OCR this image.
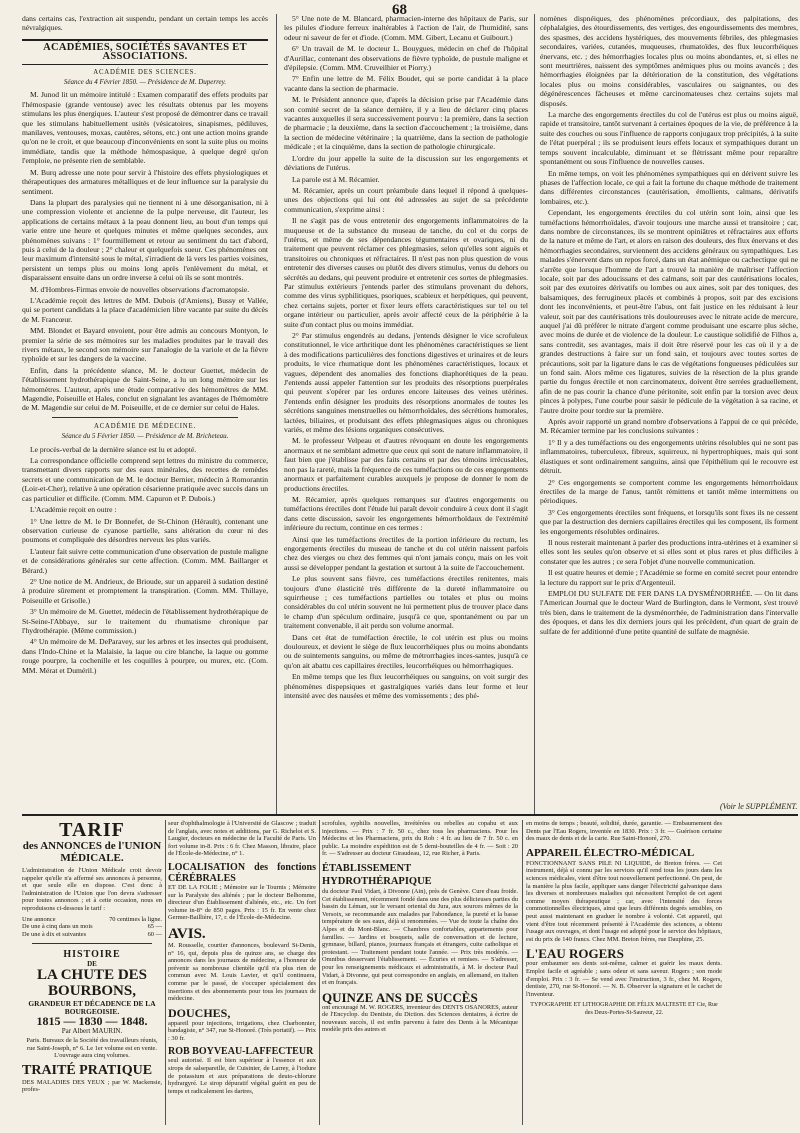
68

dans certains cas, l'extraction ait suspendu, pendant un certain temps les accès névralgiques.

ACADÉMIES, SOCIÉTÉS SAVANTES ET ASSOCIATIONS.
ACADÉMIE DES SCIENCES.
Séance du 4 Février 1850. — Présidence de M. Duperrey.

M. Junod lit un mémoire intitulé : Examen comparatif des effets produits par l'hémospasie (grande ventouse) avec les résultats obtenus par les moyens stimulans les plus énergiques. L'auteur s'est proposé de démontrer dans ce travail que les stimulans habituellement usités (vésicatoires, sinapismes, pédiluves, manilaves, ventouses, moxas, cautères, sétons, etc.) ont une action moins grande qu'on ne le croit, et que beaucoup d'inconvénients en sont la suite plus ou moins immédiate, tandis que la méthode hémospasique, à quelque degré qu'on l'emploie, ne présente rien de semblable.

M. Burq adresse une note pour servir à l'histoire des effets physiologiques et thérapeutiques des armatures métalliques et de leur influence sur la paralysie du sentiment.

Dans la plupart des paralysies qui ne tiennent ni à une désorganisation, ni à une compression violente et ancienne de la pulpe nerveuse, dit l'auteur, les applications de certains métaux à la peau donnent lieu, au bout d'un temps qui varie entre une heure et quelques minutes et même quelques secondes, aux phénomènes suivans : 1° fourmillement et retour au sentiment du tact d'abord, puis à celui de la douleur ; 2° chaleur et quelquefois sueur. Ces phénomènes ont leur maximum d'intensité sous le métal, s'irradient de là vers les parties voisines, persistent un temps plus ou moins long après l'enlèvement du métal, et disparaissent ensuite dans un ordre inverse à celui où ils se sont montrés.

M. d'Hombres-Firmas envoie de nouvelles observations d'acromatopsie.

L'Académie reçoit des lettres de MM. Dubois (d'Amiens), Bussy et Vallée, qui se portent candidats à la place d'académicien libre vacante par suite du décès de M. Francœur.

MM. Blondet et Bayard envoient, pour être admis au concours Montyon, le premier la série de ses mémoires sur les maladies produites par le travail des rivers métaux, le second son mémoire sur l'analogie de la variole et de la fièvre typhoïde et sur les dangers de la vaccine.

Enfin, dans la précédente séance, M. le docteur Guettet, médecin de l'établissement hydrothérapique de Saint-Seine, a lu un long mémoire sur les hémomètres. L'auteur, après une étude comparative des hémomètres de MM. Magendie, Poiseuille et Hales, conclut en signalant les avantages de l'hémomètre de M. Magendie sur celui de M. Poiseuille, et de ce dernier sur celui de Hales.

ACADÉMIE DE MÉDECINE.
Séance du 5 Février 1850. — Présidence de M. Bricheteau.

Le procès-verbal de la dernière séance est lu et adopté.

La correspondance officielle comprend sept lettres du ministre du commerce, transmettant divers rapports sur des eaux minérales, des recettes de remèdes secrets et une communication de M. le docteur Bernier, médecin à Romorantin (Loir-et-Cher), relative à une opération césarienne pratiquée avec succès dans un cas particulier et difficile. (Comm. MM. Capuron et P. Dubois.)

L'Académie reçoit en outre :

1° Une lettre de M. le Dr Bonnefet, de St-Chinon (Hérault), contenant une observation curieuse de cyanose partielle, sans altération du cœur ni des poumons et compliquée des désordres nerveux les plus variés.

L'auteur fait suivre cette communication d'une observation de pustule maligne et de considérations générales sur cette affection. (Comm. MM. Baillarger et Bérard.)

2° Une notice de M. Andrieux, de Brioude, sur un appareil à sudation destiné à produire sûrement et promptement la transpiration. (Comm. MM. Thillaye, Poiseuille et Grisolle.)

3° Un mémoire de M. Guettet, médecin de l'établissement hydrothérapique de St-Seine-l'Abbaye, sur le traitement du rhumatisme chronique par l'hydrothérapie. (Même commission.)

4° Un mémoire de M. DeParavey, sur les arbres et les insectes qui produisent, dans l'Indo-Chine et la Malaisie, la laque ou cire blanche, la laque ou gomme rouge pourpre, la cochenille et les coquilles à pourpre, ou murex, etc. (Com. MM. Mérat et Duméril.)

5° Une note de M. Blancard, pharmacien-interne des hôpitaux de Paris, sur les pilules d'iodure ferreux inaltérables à l'action de l'air, de l'humidité, sans odeur ni saveur de fer et d'iode. (Comm. MM. Gibert, Lecanu et Guibourt.)

6° Un travail de M. le docteur L. Bouygues, médecin en chef de l'hôpital d'Aurillac, contenant des observations de fièvre typhoïde, de pustule maligne et d'épilepsie. (Comm. MM. Cruveilhier et Piorry.)

7° Enfin une lettre de M. Félix Boudet, qui se porte candidat à la place vacante dans la section de pharmacie.

M. le Président annonce que, d'après la décision prise par l'Académie dans son comité secret de la séance dernière, il y a lieu de déclarer cinq places vacantes auxquelles il sera successivement pourvu : la première, dans la section de pharmacie ; la deuxième, dans la section d'accouchement ; la troisième, dans la section de médecine vétérinaire ; la quatrième, dans la section de pathologie médicale ; et la cinquième, dans la section de pathologie chirurgicale.

L'ordre du jour appelle la suite de la discussion sur les engorgements et déviations de l'utérus.

La parole est à M. Récamier.

M. Récamier, après un court préambule dans lequel il répond à quelques-unes des objections qui lui ont été adressées au sujet de sa précédente communication, s'exprime ainsi :

Il ne s'agit pas de vous entretenir des engorgements inflammatoires de la muqueuse et de la substance du museau de tanche, du col et du corps de l'utérus, et même de ses dépendances tégumentaires et ovariques, ni du traitement que peuvent réclamer ces phlegmasies, selon qu'elles sont aiguës et transitoires ou chroniques et réfractaires. Il n'est pas non plus question de vous entretenir des diverses causes ou plutôt des divers stimulus, venus du dehors ou sécrétés au dedans, qui peuvent produire et entretenir ces sortes de phlegmasies. Par stimulus extérieurs j'entends parler des stimulans provenant du dehors, comme des virus syphilitiques, psoriques, scabieux et herpétiques, qui peuvent, chez certains sujets, porter et fixer leurs effets caractéristiques sur tel ou tel organe intérieur ou particulier, après avoir affecté ceux de la périphérie à la suite d'un contact plus ou moins immédiat.

2° Par stimulus engendrés au dedans, j'entends désigner le vice scrofuleux constitutionnel, le vice arthritique dont les phénomènes caractéristiques se lient à des modifications particulières des fonctions digestives et urinaires et de leurs produits, le vice rhumatique dont les phénomènes caractéristiques, locaux et vagues, dépendent des anomalies des fonctions diaphorétiques de la peau. J'entends aussi appeler l'attention sur les produits des résorptions puerpérales qui peuvent s'opérer par les ordures encore laiteuses des veines utérines. J'entends enfin désigner les produits des résorptions anormales de toutes les sécrétions sanguines menstruelles ou hémorrhoïdales, des sécrétions humorales, lactées, biliaires, et produisant des effets phlegmasiques aigus ou chroniques variés, et même des lésions organiques consécutives.

M. le professeur Velpeau et d'autres révoquant en doute les engorgements anormaux et ne semblant admettre que ceux qui sont de nature inflammatoire, il faut bien que j'établisse par des faits certains et par des témoins irrécusables, non pas la rareté, mais la fréquence de ces tuméfactions ou de ces engorgements anormaux et parfaitement curables auxquels je propose de donner le nom de productions érectiles.

M. Récamier, après quelques remarques sur d'autres engorgements ou tuméfactions érectiles dont l'étude lui paraît devoir conduire à ceux dont il s'agit dans cette discussion, savoir les engorgements hémorrhoïdaux de l'extrémité inférieure du rectum, continue en ces termes :

Ainsi que les tuméfactions érectiles de la portion inférieure du rectum, les engorgements érectiles du museau de tanche et du col utérin naissent parfois chez des vierges ou chez des femmes qui n'ont jamais conçu, mais on les voit aussi se développer pendant la gestation et surtout à la suite de l'accouchement.

Le plus souvent sans fièvre, ces tuméfactions érectiles renitentes, mais toujours d'une élasticité très différente de la dureté inflammatoire ou squirrheuse ; ces tuméfactions partielles ou totales et plus ou moins considérables du col utérin souvent ne lui permettent plus de trouver place dans le champ d'un spéculum ordinaire, jusqu'à ce que, spontanément ou par un traitement convenable, il ait perdu son volume anormal.

Dans cet état de tuméfaction érectile, le col utérin est plus ou moins douloureux, et devient le siège de flux leucorrhéiques plus ou moins abondants ou de suintements sanguins, ou même de métrorrhagies inces-santes, jusqu'à ce qu'on ait abattu ces capillaires érectiles, leucorrhéiques ou hémorrhagiques.

En même temps que les flux leucorrhéiques ou sanguins, on voit surgir des phénomènes dispepsiques et gastralgiques variés dans leur forme et leur intensité avec des nausées et même des vomissements ; des phé-

nomènes dispnéiques, des phénomènes précordiaux, des palpitations, des céphalalgies, des étourdissements, des vertiges, des engourdissements des membres, des spasmes, des accidens hystériques, des mouvements fébriles, des phlegmasies secondaires, variées, cutanées, muqueuses, rhumatoïdes, des flux leucorrhéiques énervans, etc. ; des hémorrhagies locales plus ou moins abondantes, et, si elles ne sont meurtrières, naissent des symptômes anémiques plus ou moins avancés ; des hémorrhagies éloignées par la détérioration de la constitution, des végétations locales plus ou moins considérables, vasculaires ou saignantes, ou des dégénérescences fâcheuses et même carcinomateuses chez certains sujets mal disposés.

La marche des engorgements érectiles du col de l'utérus est plus ou moins aiguë, rapide et transitoire, tantôt survenant à certaines époques de la vie, de préférence à la suite des couches ou sous l'influence de rapports conjugaux trop précipités, à la suite de l'état puerpéral ; ils se produisent leurs effets locaux et sympathiques durant un temps souvent incalculable, diminuant et se flétrissant même pour reparaître spontanément ou sous l'influence de nouvelles causes.

En même temps, on voit les phénomènes sympathiques qui en dérivent suivre les phases de l'affection locale, ce qui a fait la fortune du chaque méthode de traitement dans différentes circonstances (cautérisation, émollients, calmans, dérivatifs lombaires, etc.).

Cependant, les engorgements érectiles du col utérin sont loin, ainsi que les tuméfactions hémorrhoïdales, d'avoir toujours une marche aussi et transitoire ; car, dans nombre de circonstances, ils se montrent opiniâtres et réfractaires aux efforts de la nature et même de l'art, et alors en raison des douleurs, des flux énervans et des hémorrhagies secondaires, surviennent des accidens généraux ou sympathiques. Les malades s'énervent dans un repos forcé, dans un état anémique ou cachectique qui ne s'arrête que lorsque l'homme de l'art a trouvé la manière de maîtriser l'affection locale, soit par des adoucissans et des calmans, soit par des cautérisations locales, soit par des exutoires dérivatifs ou lombes ou aux aines, soit par des toniques, des balsamiques, des ferrugineux placés et combinés à propos, soit par des excisions dont les inconvénients, et peut-être l'abus, ont fait justice en les réduisant à leur valeur, soit par des cautérisations très douloureuses avec le nitrate acide de mercure, auquel j'ai dû préférer le nitrate d'argent comme produisant une escarre plus sèche, avec moins de durée et de violence de la douleur. Le caustique solidifié de Filhos a, sans contredit, ses avantages, mais il doit être réservé pour les cas où il y a de grandes destructions à faire sur un fond sain, et toujours avec toutes sortes de précautions, soit par la ligature dans le cas de végétations fongueuses pédiculées sur un fond sain. Alors même ces ligatures, suivies de la résection de la plus grande partie du fongus érectile et non carcinomateux, doivent être serrées graduellement, afin de ne pas courir la chance d'une péritonite, soit enfin par la torsion avec deux pinces à polypes, l'une courbe pour saisir le pédicule de la végétation à sa racine, et l'autre droite pour tordre sur la première.

Après avoir rapporté un grand nombre d'observations à l'appui de ce qui précède, M. Récamier termine par les conclusions suivantes :

1° Il y a des tuméfactions ou des engorgements utérins résolubles qui ne sont pas inflammatoires, tuberculeux, fibreux, squirreux, ni hypertrophiques, mais qui sont élastiques et sont ordinairement sanguins, ainsi que l'épithélium qui le recouvre est détruit.

2° Ces engorgements se comportent comme les engorgements hémorrhoïdaux érectiles de la marge de l'anus, tantôt rémittens et tantôt même intermittens ou périodiques.

3° Ces engorgements érectiles sont fréquens, et lorsqu'ils sont fixes ils ne cessent que par la destruction des derniers capillaires érectiles qui les composent, ils forment les engorgements résolubles ordinaires.

Il nous resterait maintenant à parler des productions intra-utérines et à examiner si elles sont les seules qu'on observe et si elles sont et plus rares et plus difficiles à constater que les autres ; ce sera l'objet d'une nouvelle communication.

Il est quatre heures et demie ; l'Académie se forme en comité secret pour entendre la lecture du rapport sur le prix d'Argenteuil.

EMPLOI DU SULFATE DE FER DANS LA DYSMÉNORRHÉE. — On lit dans l'American Journal que le docteur Ward de Burlington, dans le Vermont, s'est trouvé très bien, dans le traitement de la dysménorrhée, de l'administration dans l'intervalle des époques, et dans les dix derniers jours qui les précèdent, d'un quart de grain de sulfate de fer additionné d'une petite quantité de sulfate de magnésie.

(Voir le SUPPLÉMENT.
TARIF
des ANNONCES de l'UNION MÉDICALE.
L'administration de l'Union Médicale croit devoir rappeler qu'elle n'a affermé ses annonces à personne, et que seule elle en dispose. C'est donc à l'administration de l'Union que l'on devra s'adresser pour toutes annonces ; et à cette occasion, nous en reproduisons ci-dessous le tarif :
Une annonce	70 centimes la ligne.
De une à cinq dans un mois	65 —
De une à dix et suivantes	60 —
HISTOIRE
DE
LA CHUTE DES BOURBONS,
GRANDEUR ET DÉCADENCE DE LA BOURGEOISIE.
1815 — 1830 — 1848.
Par Albert MAURIN.
Paris. Bureaux de la Société des travailleurs réunis, rue Saint-Joseph, n° 6. Le 1er volume est en vente. L'ouvrage aura cinq volumes.
TRAITÉ PRATIQUE
DES MALADIES DES YEUX ; par W. Mackensie, profes-
seur d'ophthalmologie à l'Université de Glascow ; traduit de l'anglais, avec notes et additions, par G. Richelot et S. Laugier, docteurs en médecine de la Faculté de Paris. Un fort volume in-8. Prix : 6 fr. Chez Masson, libraire, place de l'École-de-Médecine, n° 1.
LOCALISATION des fonctions CÉRÉBRALES
ET DE LA FOLIE ; Mémoire sur le Tournis ; Mémoire sur la Paralysie des aliénés ; par le docteur Belhomme, directeur d'un Établissement d'aliénés, etc., etc. Un fort volume in-8° de 850 pages. Prix : 15 fr. En vente chez Germer-Baillière, 17, r. de l'École-de-Médecine.
AVIS.
M. Rousselle, courtier d'annonces, boulevard St-Denis, n° 16, qui, depuis plus de quinze ans, se charge des annonces dans les journaux de médecine, a l'honneur de prévenir sa nombreuse clientèle qu'il n'a plus rien de commun avec M. Louis Lavier, et qu'il continuera, comme par le passé, de s'occuper spécialement des insertions et des abonnements pour tous les journaux de médecine.
DOUCHES,
appareil pour injections, irrigations, chez Charbonnier, bandagiste, n° 347, rue St-Honoré. (Très portatif). — Prix : 30 fr.
ROB BOYVEAU-LAFFECTEUR
seul autorisé. Il est bien supérieur à l'essence et aux sirops de salsepareille, de Cuisinier, de Larrey, à l'iodure de potassium et aux préparations de deuto-chlorure hydrargyré. Le sirop dépuratif végétal guérit en peu de temps et radicalement les dartres,
scrofules, syphilis nouvelles, invétérées ou rebelles au copahu et aux injections. — Prix : 7 fr. 50 c., chez tous les pharmaciens. Pour les Médecins et les Pharmaciens, prix du Rob : 4 fr. au lieu de 7 fr. 50 c. en public. La moindre expédition est de 5 demi-bouteilles de 4 fr. — Soit : 20 fr. — S'adresser au docteur Giraudeau, 12, rue Richer, à Paris.
ÉTABLISSEMENT HYDROTHÉRAPIQUE
du docteur Paul Vidart, à Divonne (Ain), près de Genève. Cure d'eau froide. Cet établissement, récemment fondé dans une des plus délicieuses parties du bassin du Léman, sur le versant oriental du Jura, aux sources mêmes de la Versoix, se recommande aux malades par l'abondance, la pureté et la basse température de ses eaux, déjà si renommées. — Vue de toute la chaîne des Alpes et du Mont-Blanc. — Chambres confortables, appartements pour familles. — Jardins et bosquets, salle de conversation et de lecture, gymnase, billard, pianos, journaux français et étrangers, cuite catholique et protestant. — Traitement pendant toute l'année. — Prix très modérés. — Omnibus desservant l'établissement. — Écuries et remises. — S'adresser, pour les renseignements médicaux et administratifs, à M. le docteur Paul Vidart, à Divonne, qui peut correspondre en anglais, en allemand, en italien et en français.
QUINZE ANS DE SUCCÈS
ont encouragé M. W. ROGERS, inventeur des DENTS OSANORES, auteur de l'Encyclop. du Dentiste, du Diction. des Sciences dentaires, à écrire de nouveaux succès, il est enfin parvenu à faire des Dents à la Mécanique modèle prix des autres et
en moins de temps ; beauté, solidité, durée, garantie. — Embaumement des Dents par l'Eau Rogers, inventée en 1830. Prix : 3 fr. — Guérison certaine des maux de dents et de la carie. Rue Saint-Honoré, 270.
APPAREIL ÉLECTRO-MÉDICAL
FONCTIONNANT SANS PILE NI LIQUIDE, de Breton frères. — Cet instrument, déjà si connu par les services qu'il rend tous les jours dans les sciences médicales, vient d'être tout nouvellement perfectionné. On peut, de la manière la plus facile, appliquer sans danger l'électricité galvanique dans les diverses et nombreuses maladies qui nécessitent l'emploi de cet agent comme moyen thérapeutique ; car, avec l'intensité des forces commotionnelles électriques, ainsi que leurs différents degrés sensibles, on peut aussi maintenant en graduer le nombre à volonté. Cet appareil, qui vient d'être tout récemment présenté à l'Académie des sciences, a obtenu l'usage aux ouvrages, et dont l'usage est adopté pour le service des hôpitaux, est du prix de 140 francs. Chez MM. Breton frères, rue Dauphine, 25.
L'EAU ROGERS
pour embaumer ses dents soi-même, calmer et guérir les maux dents. Emploi facile et agréable ; sans odeur et sans saveur. Rogers ; son mode d'emploi. Prix : 3 fr. — Se vend avec l'instruction, 3 fr., chez M. Rogers, dentiste, 270, rue St-Honoré. — N. B. Observer la signature et le cachet de l'inventeur.
TYPOGRAPHIE ET LITHOGRAPHIE DE FÉLIX MALTESTE ET Cie, Rue des Deux-Portes-St-Sauveur, 22.
